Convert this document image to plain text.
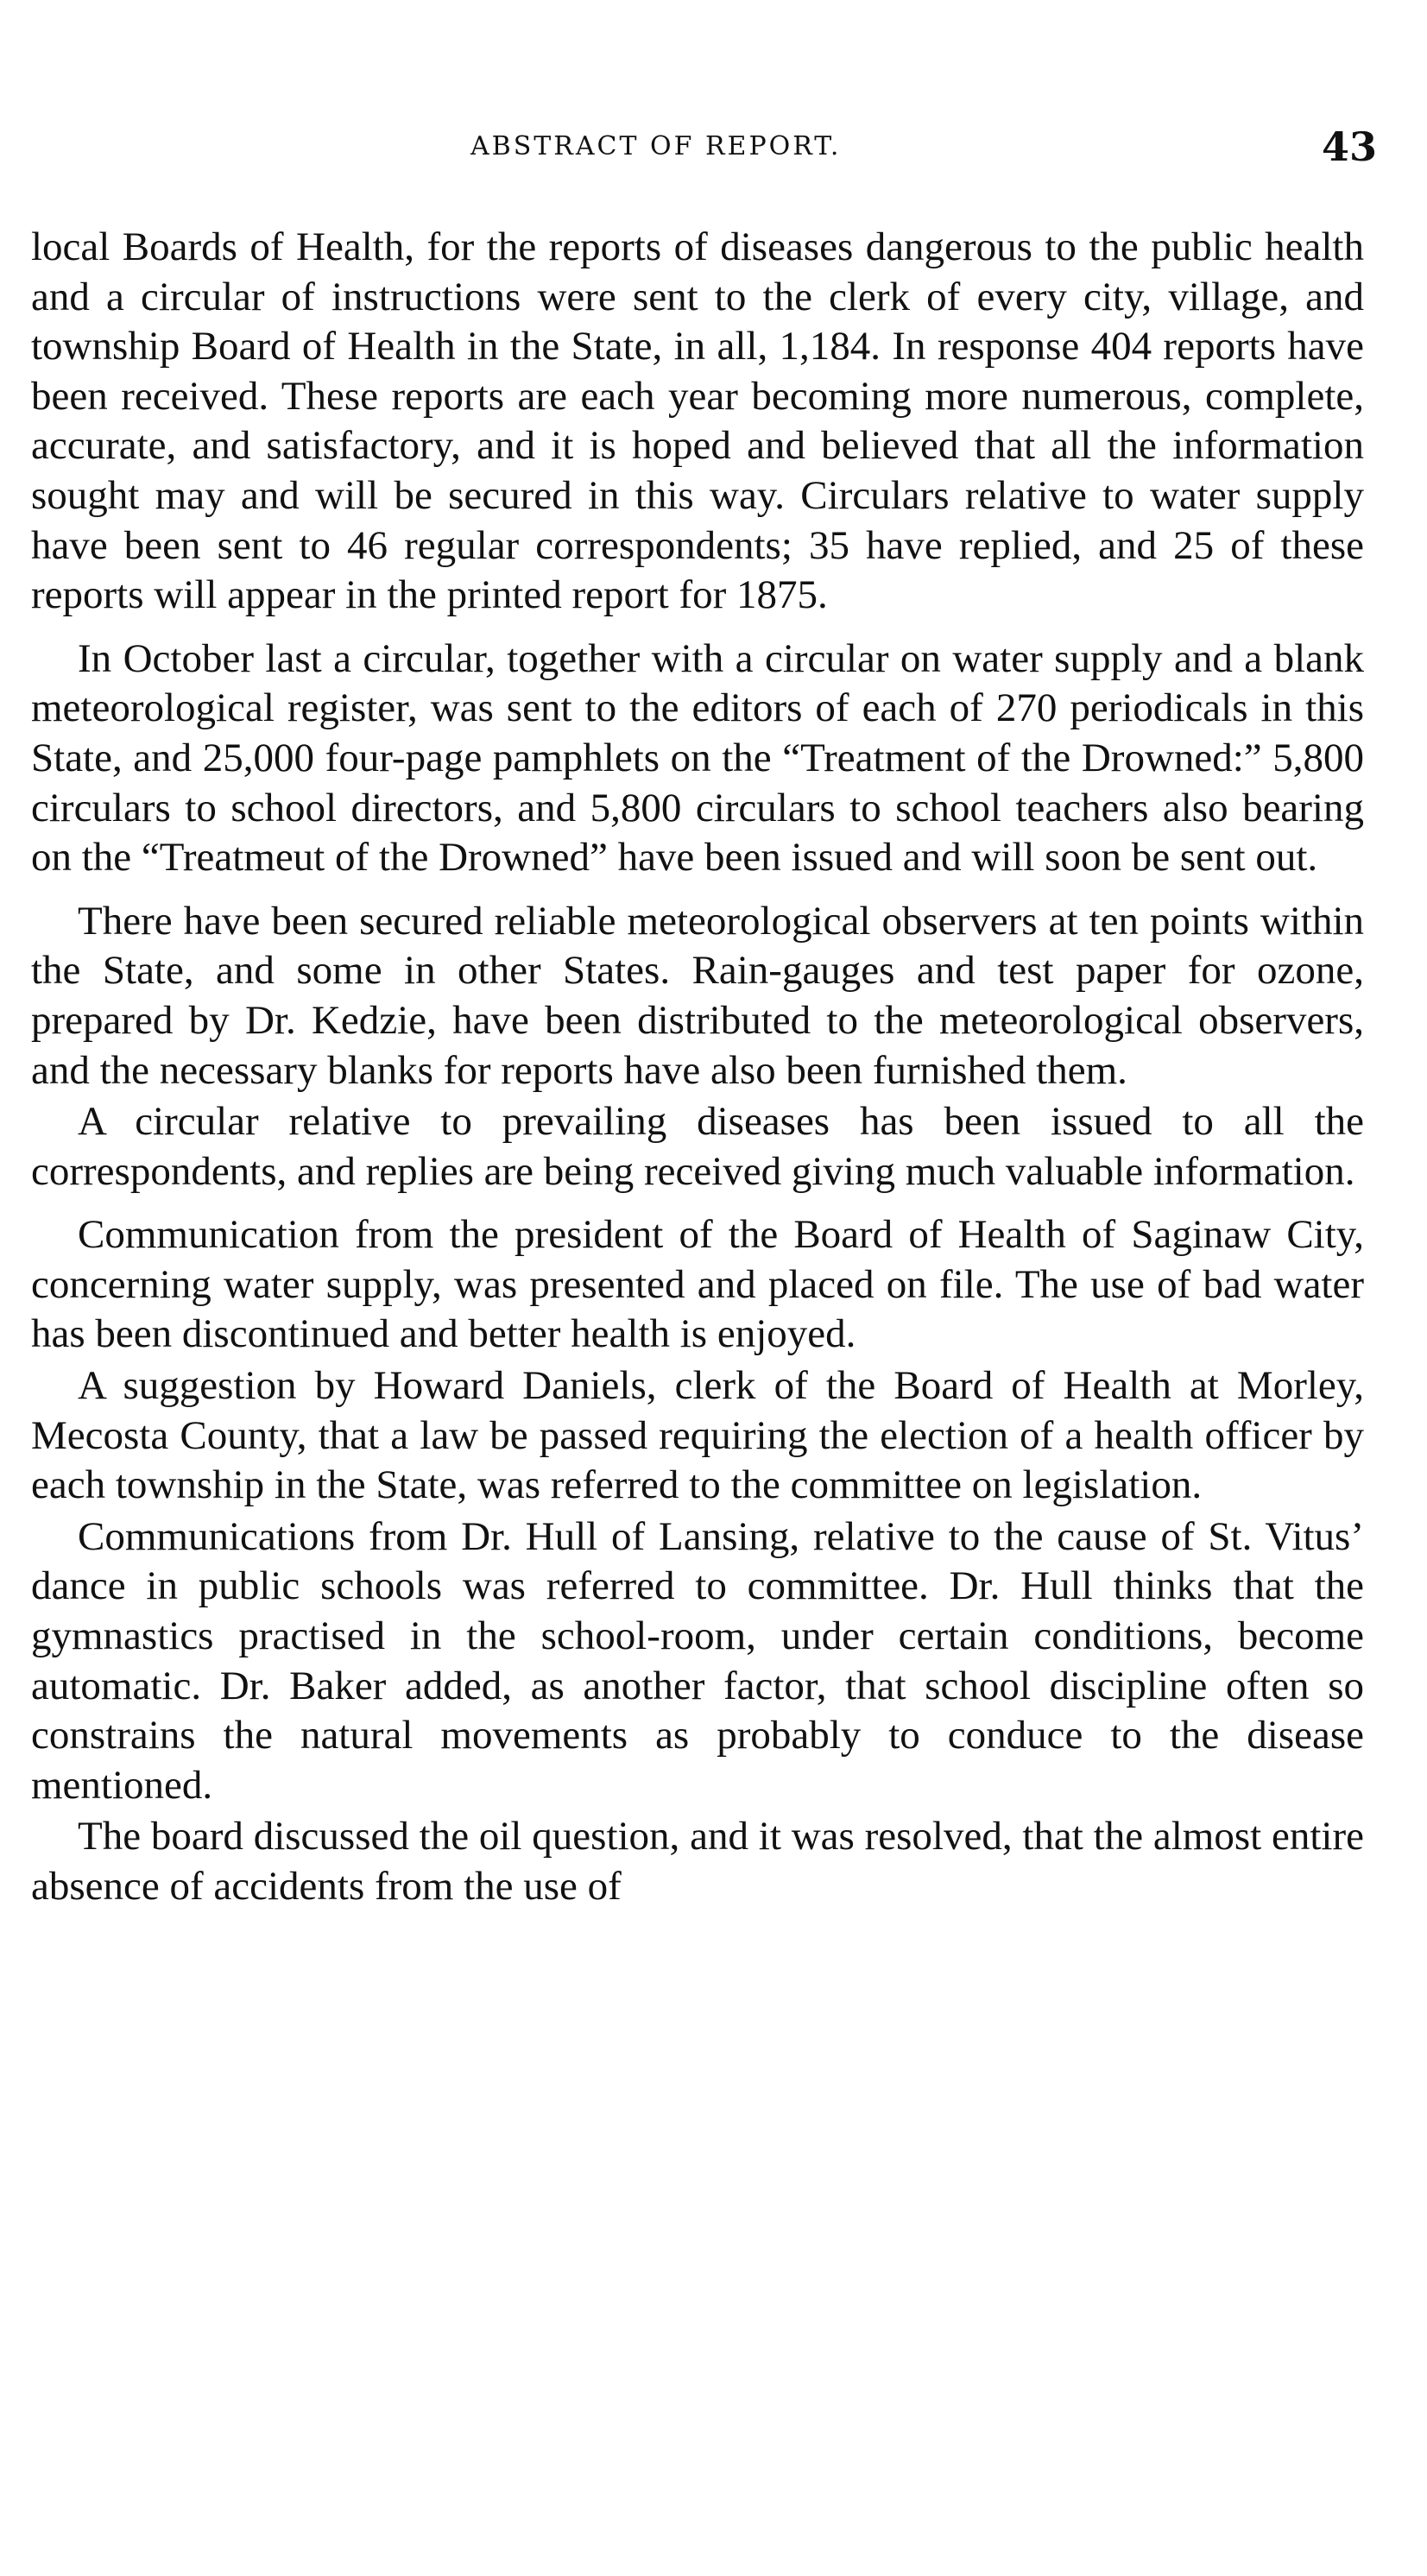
ABSTRACT OF REPORT.	43

local Boards of Health, for the reports of diseases dangerous to the public health and a circular of instructions were sent to the clerk of every city, village, and township Board of Health in the State, in all, 1,184. In response 404 reports have been received. These reports are each year becoming more numerous, complete, accurate, and satisfactory, and it is hoped and believed that all the information sought may and will be secured in this way. Circulars relative to water supply have been sent to 46 regular correspondents; 35 have replied, and 25 of these reports will appear in the printed report for 1875.

In October last a circular, together with a circular on water supply and a blank meteorological register, was sent to the editors of each of 270 periodicals in this State, and 25,000 four-page pamphlets on the “Treatment of the Drowned:” 5,800 circulars to school directors, and 5,800 circulars to school teachers also bearing on the “Treatmeut of the Drowned” have been issued and will soon be sent out.

There have been secured reliable meteorological observers at ten points within the State, and some in other States. Rain-gauges and test paper for ozone, prepared by Dr. Kedzie, have been distributed to the meteorological observers, and the necessary blanks for reports have also been furnished them.

A circular relative to prevailing diseases has been issued to all the correspondents, and replies are being received giving much valuable information.

Communication from the president of the Board of Health of Saginaw City, concerning water supply, was presented and placed on file. The use of bad water has been discontinued and better health is enjoyed.

A suggestion by Howard Daniels, clerk of the Board of Health at Morley, Mecosta County, that a law be passed requiring the election of a health officer by each township in the State, was referred to the committee on legislation.

Communications from Dr. Hull of Lansing, relative to the cause of St. Vitus’ dance in public schools was referred to committee. Dr. Hull thinks that the gymnastics practised in the school-room, under certain conditions, become automatic. Dr. Baker added, as another factor, that school discipline often so constrains the natural movements as probably to conduce to the disease mentioned.

The board discussed the oil question, and it was resolved, that the almost entire absence of accidents from the use of
